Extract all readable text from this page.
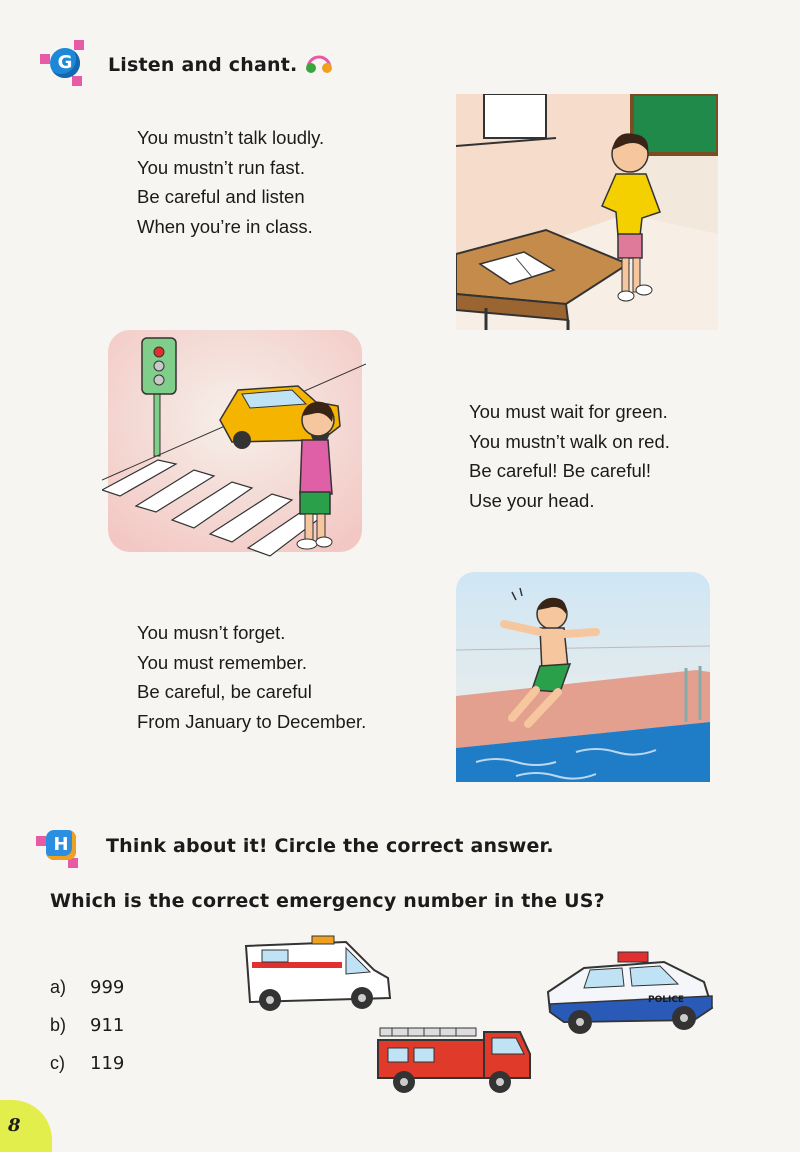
G	Listen and chant.
You mustn’t talk loudly.
You mustn’t run fast.
Be careful and listen
When you’re in class.
You must wait for green.
You mustn’t walk on red.
Be careful! Be careful!
Use your head.
You musn’t forget.
You must remember.
Be careful, be careful
From January to December.
H	Think about it! Circle the correct answer.
Which is the correct emergency number in the US?
a)	999
b)	911
c)	119
POLICE
8
